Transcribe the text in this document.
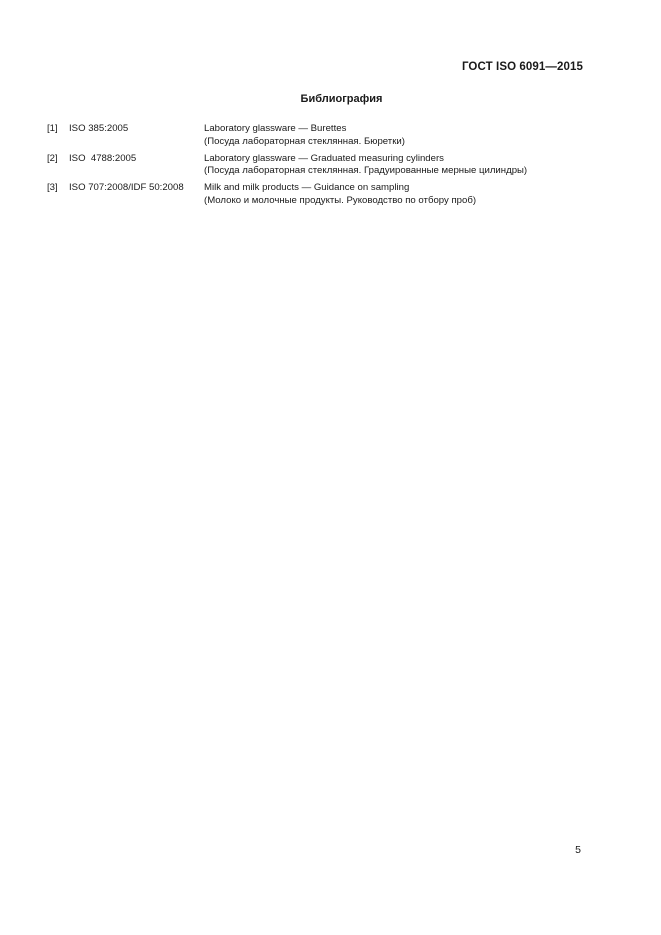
ГОСТ ISO 6091—2015
Библиография
[1] ISO 385:2005	Laboratory glassware — Burettes
(Посуда лабораторная стеклянная. Бюретки)
[2] ISO  4788:2005	Laboratory glassware — Graduated measuring cylinders
(Посуда лабораторная стеклянная. Градуированные мерные цилиндры)
[3] ISO 707:2008/IDF 50:2008 Milk and milk products — Guidance on sampling
(Молоко и молочные продукты. Руководство по отбору проб)
5
